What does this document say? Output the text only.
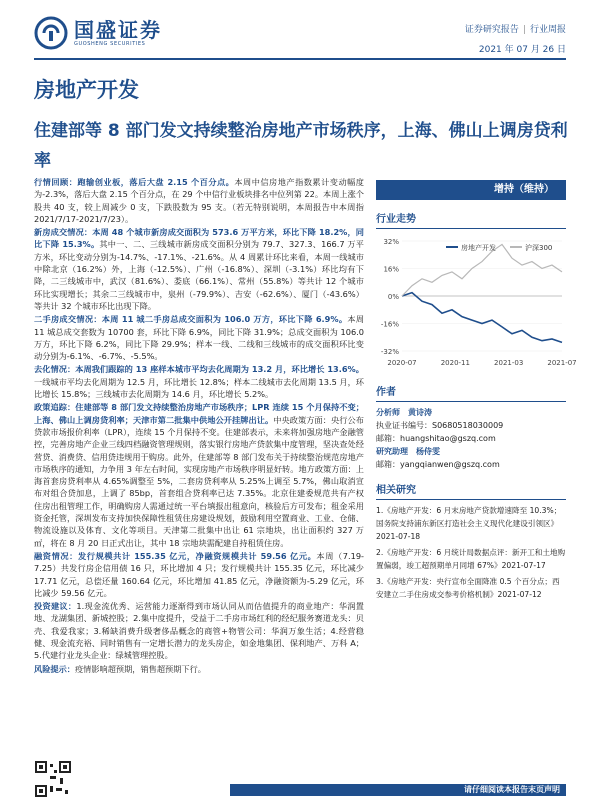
国盛证券
GUOSHENG SECURITIES
证券研究报告 | 行业周报
2021 年 07 月 26 日
房地产开发
住建部等 8 部门发文持续整治房地产市场秩序，上海、佛山上调房贷利率

行情回顾：跑输创业板，落后大盘 2.15 个百分点。本周中信房地产指数累计变动幅度为-2.3%，落后大盘 2.15 个百分点，在 29 个中信行业板块排名中位列第 22。本周上涨个股共 40 支，较上周减少 0 支，下跌股数为 95 支。（若无特别说明，本周报告中本周指 2021/7/17-2021/7/23）。

新房成交情况：本周 48 个城市新房成交面积为 573.6 万平方米，环比下降 18.2%，同比下降 15.3%。其中一、二、三线城市新房成交面积分别为 79.7、327.3、166.7 万平方米，环比变动分别为-14.7%、-17.1%、-21.6%。从 4 周累计环比来看，本周一线城市中除北京（16.2%）外，上海（-12.5%）、广州（-16.8%）、深圳（-3.1%）环比均有下降，二三线城市中，武汉（81.6%）、娄底（66.1%）、常州（55.8%）等共计 12 个城市环比实现增长；其余二三线城市中，泉州（-79.9%）、吉安（-62.6%）、厦门（-43.6%）等共计 32 个城市环比出现下降。

二手房成交情况：本周 11 城二手房总成交面积为 106.0 万方，环比下降 6.9%。本周 11 城总成交套数为 10700 套，环比下降 6.9%，同比下降 31.9%；总成交面积为 106.0 万方，环比下降 6.2%，同比下降 29.9%；样本一线、二线和三线城市的成交面积环比变动分别为-6.1%、-6.7%、-5.5%。

去化情况：本周我们跟踪的 13 座样本城市平均去化周期为 13.2 月，环比增长 13.6%。一线城市平均去化周期为 12.5 月，环比增长 12.8%；样本二线城市去化周期 13.5 月，环比增长 15.8%；三线城市去化周期为 14.6 月，环比增长 5.2%。

政策追踪：住建部等 8 部门发文持续整治房地产市场秩序；LPR 连续 15 个月保持不变；上海、佛山上调房贷利率；天津市第二批集中供地公开挂牌出让。中央政策方面：央行公布贷款市场报价利率（LPR），连续 15 个月保持不变。住建部表示，未来将加强房地产金融管控，完善房地产企业三线四档融资管理规则，落实银行房地产贷款集中度管理，坚决查处经营贷、消费贷、信用贷违规用于购房。此外，住建部等 8 部门发布关于持续整治规范房地产市场秩序的通知，力争用 3 年左右时间，实现房地产市场秩序明显好转。地方政策方面：上海首套房贷利率从 4.65%调整至 5%，二套房贷利率从 5.25%上调至 5.7%，佛山取消宣布对组合贷加息，上调了 85bp，首套组合贷利率已达 7.35%。北京住建委规范共有产权住房出租管理工作，明确购房人需通过统一平台填报出租意向，核验后方可发布；租金采用资金托管，深圳发布支持加快保障性租赁住房建设规划，鼓励利用空置商业、工业、仓储、物流设施以及体育、文化等项目。天津第二批集中出让 61 宗地块，出让面积约 327 万㎡，将在 8 月 20 日正式出让，其中 18 宗地块需配建自持租赁住房。

融资情况：发行规模共计 155.35 亿元，净融资规模共计 59.56 亿元。本周（7.19-7.25）共发行房企信用债 16 只，环比增加 4 只；发行规模共计 155.35 亿元，环比减少 17.71 亿元，总偿还量 160.64 亿元，环比增加 41.85 亿元，净融资额为-5.29 亿元，环比减少 59.56 亿元。

投资建议：1.现金流优秀、运营能力逐渐得到市场认同从而估值提升的商业地产：华润置地、龙湖集团、新城控股；2.集中度提升，受益于二手房市场红利的经纪服务赛道龙头：贝壳、我爱我家；3.稀缺消费升级奢侈品概念的商管+物管公司：华润万象生活；4.经营稳健、现金流充裕、同时销售有一定增长潜力的龙头房企，如金地集团、保利地产、万科 A；5.代建行业龙头企业：绿城管理控股。

风险提示：疫情影响超预期，销售超预期下行。

增持（维持）
行业走势
32%
16%
0%
-16%
-32%
2020-07	2020-11	2021-03	2021-07
房地产开发	沪深300
作者
分析师　黄诗涛
执业证书编号：S0680518030009
邮箱：huangshitao@gszq.com
研究助理　杨侍雯
邮箱：yangqianwen@gszq.com
相关研究
1.《房地产开发：6 月末房地产贷款增速降至 10.3%；国务院支持浦东新区打造社会主义现代化建设引领区》2021-07-18
2.《房地产开发：6 月统计局数据点评：新开工和土地购置偏弱，竣工超预期单月同增 67%》2021-07-17
3.《房地产开发：央行宣布全面降准 0.5 个百分点；西安建立二手住房成交参考价格机制》2021-07-12
请仔细阅读本报告末页声明
